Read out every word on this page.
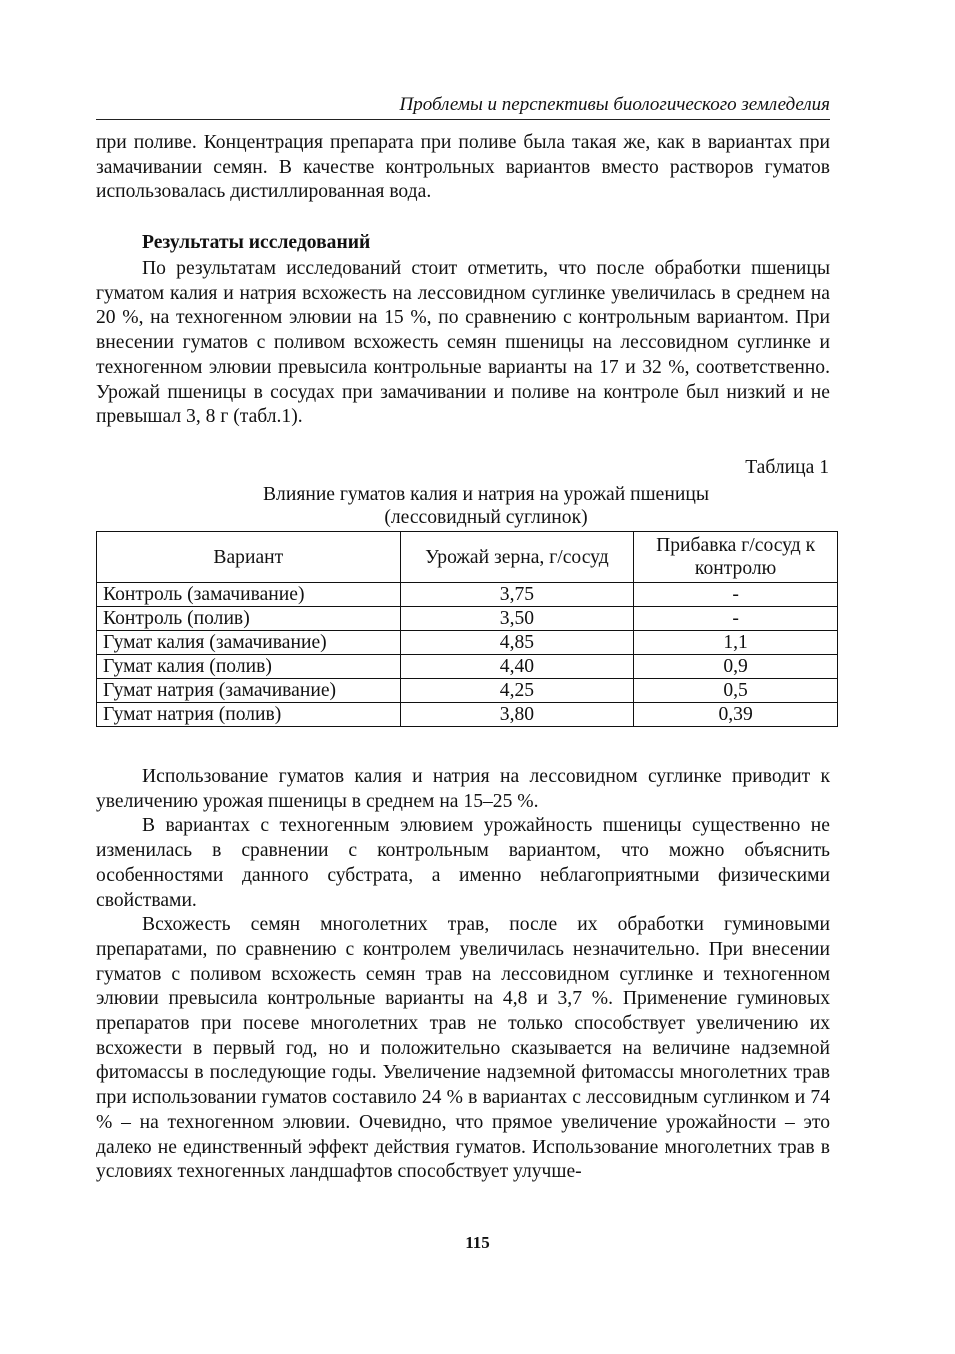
Проблемы и перспективы биологического земледелия

при поливе. Концентрация препарата при поливе была такая же, как в вариантах при замачивании семян. В качестве контрольных вариантов вместо растворов гуматов использовалась дистиллированная вода.

Результаты исследований

По результатам исследований стоит отметить, что после обработки пшеницы гуматом калия и натрия всхожесть на лессовидном суглинке увеличилась в среднем на 20 %, на техногенном элювии на 15 %, по сравнению с контрольным вариантом. При внесении гуматов с поливом всхожесть семян пшеницы на лессовидном суглинке и техногенном элювии превысила контрольные варианты на 17 и 32 %, соответственно. Урожай пшеницы в сосудах при замачивании и поливе на контроле был низкий и не превышал 3, 8 г (табл.1).

Таблица 1
Влияние гуматов калия и натрия на урожай пшеницы
(лессовидный суглинок)
Вариант	Урожай зерна, г/сосуд	Прибавка г/сосуд к контролю
Контроль (замачивание)	3,75	-
Контроль (полив)	3,50	-
Гумат калия (замачивание)	4,85	1,1
Гумат калия (полив)	4,40	0,9
Гумат натрия (замачивание)	4,25	0,5
Гумат натрия (полив)	3,80	0,39

Использование гуматов калия и натрия на лессовидном суглинке приводит к увеличению урожая пшеницы в среднем на 15–25 %.

В вариантах с техногенным элювием урожайность пшеницы существенно не изменилась в сравнении с контрольным вариантом, что можно объяснить особенностями данного субстрата, а именно неблагоприятными физическими свойствами.

Всхожесть семян многолетних трав, после их обработки гуминовыми препаратами, по сравнению с контролем увеличилась незначительно. При внесении гуматов с поливом всхожесть семян трав на лессовидном суглинке и техногенном элювии превысила контрольные варианты на 4,8 и 3,7 %. Применение гуминовых препаратов при посеве многолетних трав не только способствует увеличению их всхожести в первый год, но и положительно сказывается на величине надземной фитомассы в последующие годы. Увеличение надземной фитомассы многолетних трав при использовании гуматов составило 24 % в вариантах с лессовидным суглинком и 74 % – на техногенном элювии. Очевидно, что прямое увеличение урожайности – это далеко не единственный эффект действия гуматов. Использование многолетних трав в условиях техногенных ландшафтов способствует улучше-

115
